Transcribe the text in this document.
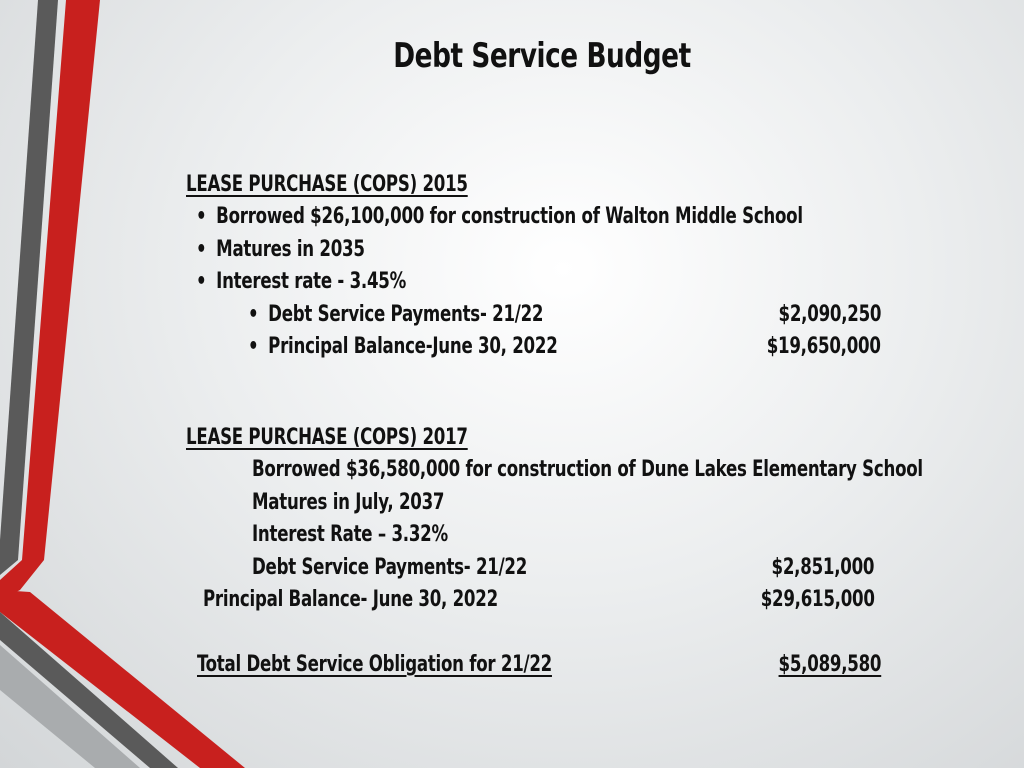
Debt Service Budget
LEASE PURCHASE (COPS) 2015
• Borrowed $26,100,000 for construction of Walton Middle School
• Matures in 2035
• Interest rate - 3.45%
• Debt Service Payments- 21/22	$2,090,250
• Principal Balance-June 30, 2022	$19,650,000
LEASE PURCHASE (COPS) 2017
Borrowed $36,580,000 for construction of Dune Lakes Elementary School
Matures in July, 2037
Interest Rate – 3.32%
Debt Service Payments- 21/22	$2,851,000
Principal Balance- June 30, 2022	$29,615,000
Total Debt Service Obligation for 21/22	$5,089,580
